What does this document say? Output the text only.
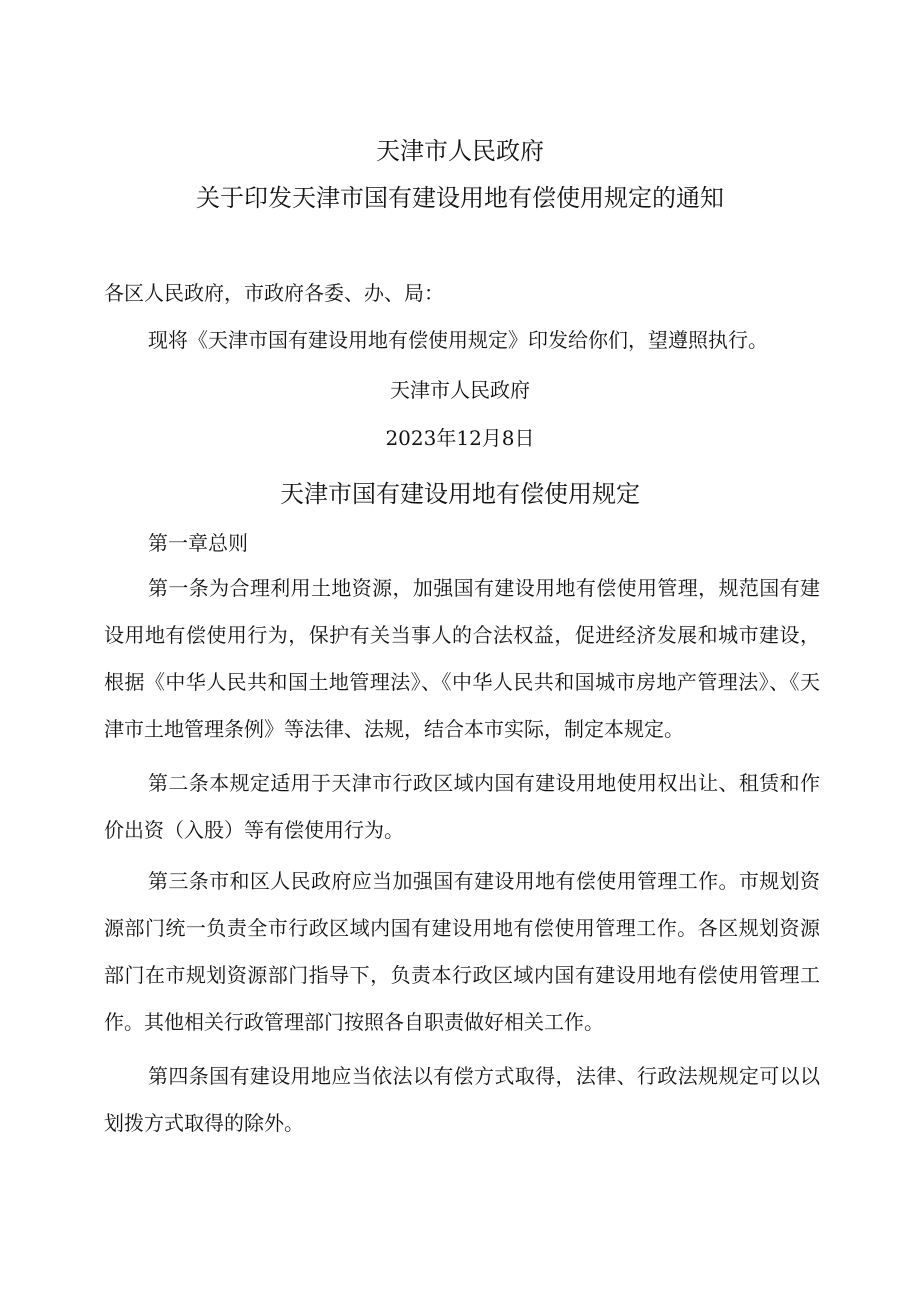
天津市人民政府
关于印发天津市国有建设用地有偿使用规定的通知
各区人民政府，市政府各委、办、局：
现将《天津市国有建设用地有偿使用规定》印发给你们，望遵照执行。
天津市人民政府
2023年12月8日
天津市国有建设用地有偿使用规定
第一章总则

第一条为合理利用土地资源，加强国有建设用地有偿使用管理，规范国有建设用地有偿使用行为，保护有关当事人的合法权益，促进经济发展和城市建设，根据《中华人民共和国土地管理法》、《中华人民共和国城市房地产管理法》、《天津市土地管理条例》等法律、法规，结合本市实际，制定本规定。

第二条本规定适用于天津市行政区域内国有建设用地使用权出让、租赁和作价出资（入股）等有偿使用行为。

第三条市和区人民政府应当加强国有建设用地有偿使用管理工作。市规划资源部门统一负责全市行政区域内国有建设用地有偿使用管理工作。各区规划资源部门在市规划资源部门指导下，负责本行政区域内国有建设用地有偿使用管理工作。其他相关行政管理部门按照各自职责做好相关工作。

第四条国有建设用地应当依法以有偿方式取得，法律、行政法规规定可以以划拨方式取得的除外。
